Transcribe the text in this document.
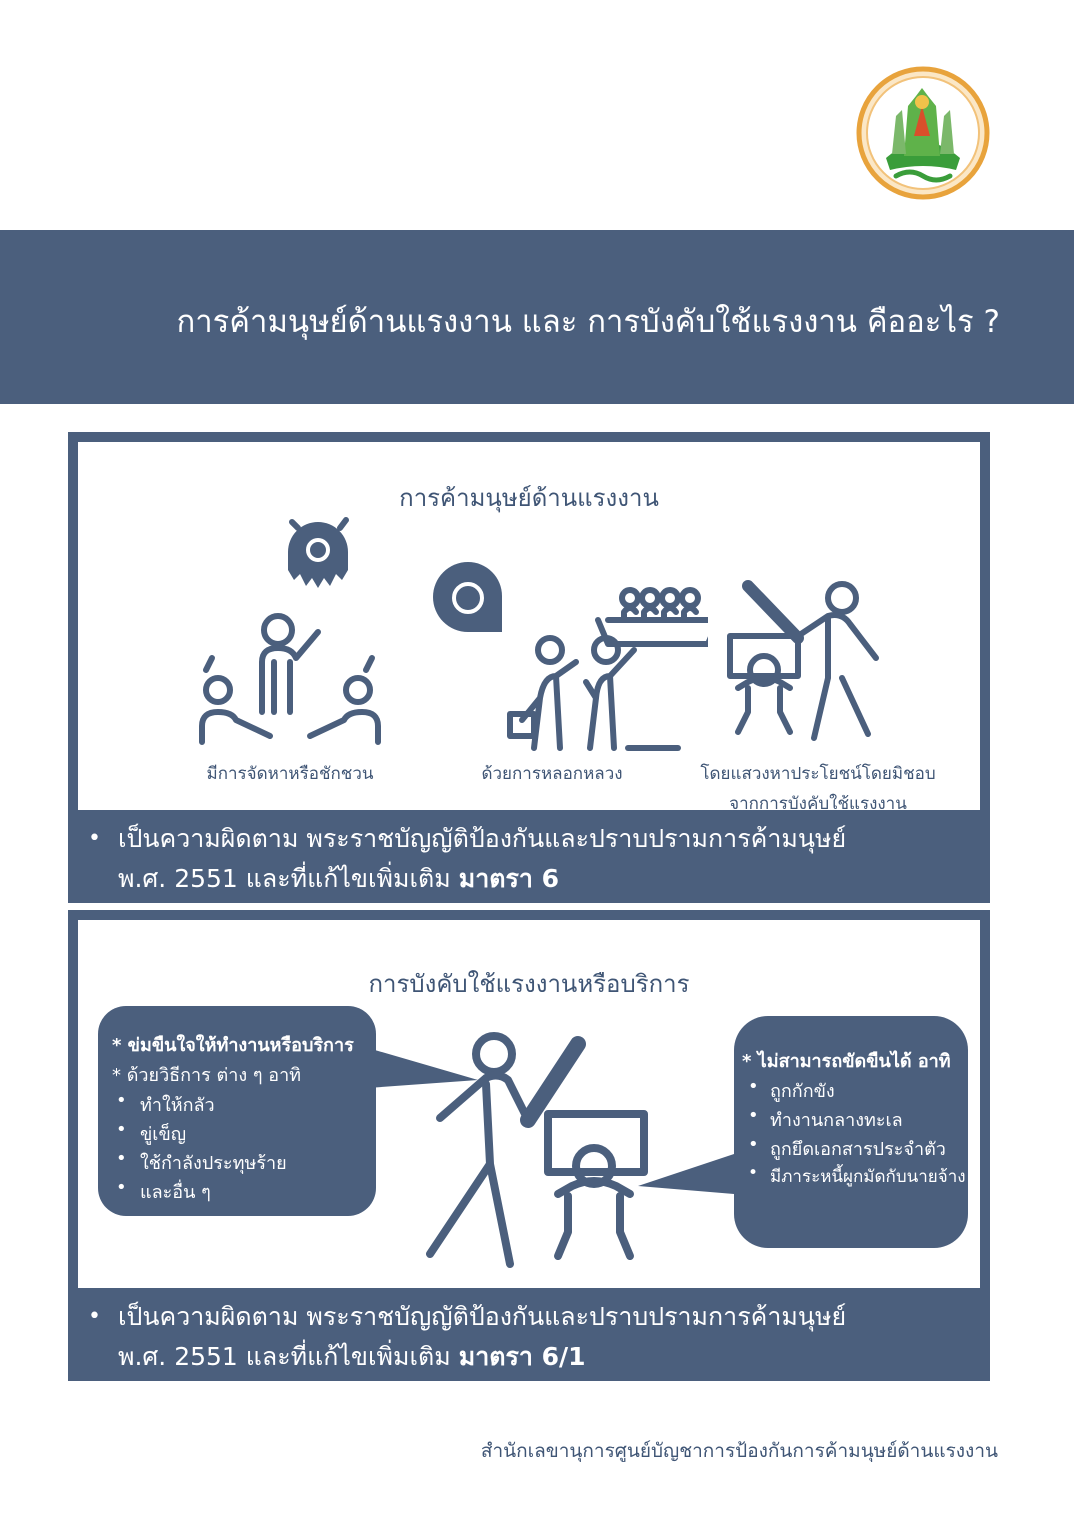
การค้ามนุษย์ด้านแรงงาน และ การบังคับใช้แรงงาน คืออะไร ?
การค้ามนุษย์ด้านแรงงาน
มีการจัดหาหรือชักชวน	ด้วยการหลอกหลวง	โดยแสวงหาประโยชน์โดยมิชอบ
จากการบังคับใช้แรงงาน
• เป็นความผิดตาม พระราชบัญญัติป้องกันและปราบปรามการค้ามนุษย์
พ.ศ. 2551 และที่แก้ไขเพิ่มเติม มาตรา 6
การบังคับใช้แรงงานหรือบริการ
* ข่มขืนใจให้ทำงานหรือบริการ
* ด้วยวิธีการ ต่าง ๆ อาทิ
• ทำให้กลัว
• ขู่เข็ญ
• ใช้กำลังประทุษร้าย
• และอื่น ๆ
* ไม่สามารถขัดขืนได้ อาทิ
• ถูกกักขัง
• ทำงานกลางทะเล
• ถูกยึดเอกสารประจำตัว
• มีภาระหนี้ผูกมัดกับนายจ้าง
• เป็นความผิดตาม พระราชบัญญัติป้องกันและปราบปรามการค้ามนุษย์
พ.ศ. 2551 และที่แก้ไขเพิ่มเติม มาตรา 6/1
สำนักเลขานุการศูนย์บัญชาการป้องกันการค้ามนุษย์ด้านแรงงาน
